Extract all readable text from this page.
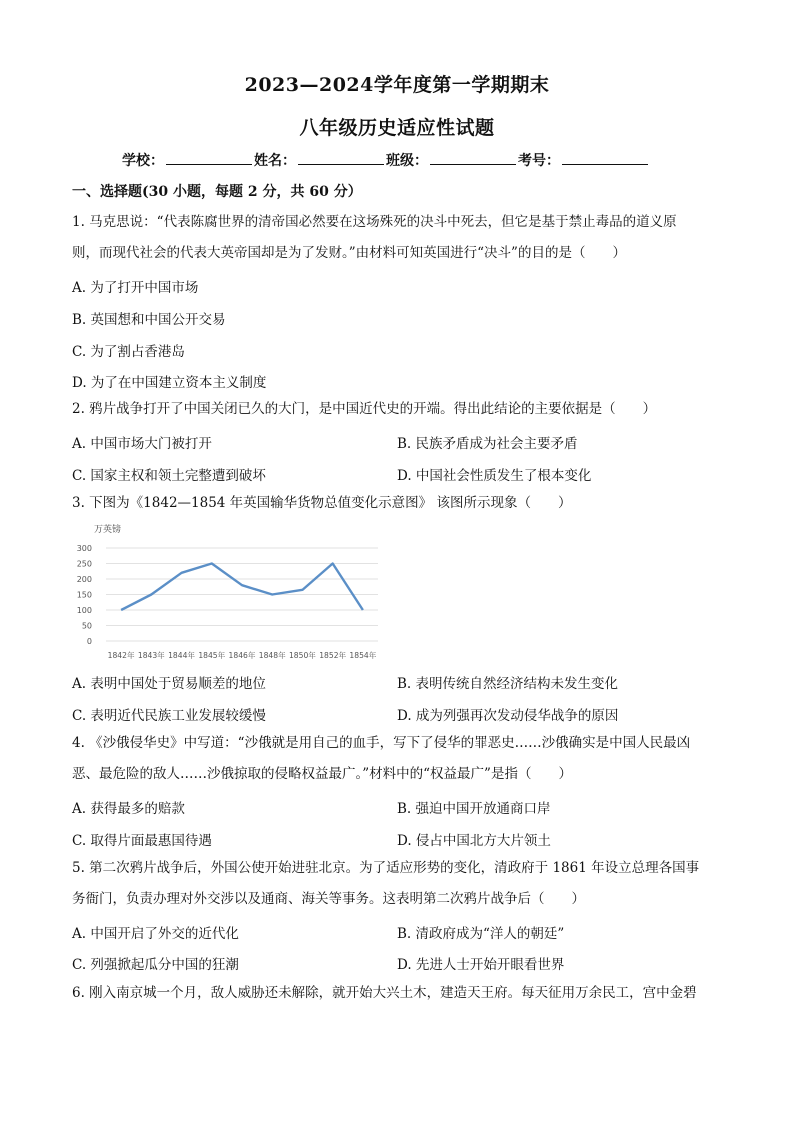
2023—2024学年度第一学期期末
八年级历史适应性试题
学校：	姓名：	班级：	考号：
一、选择题(30 小题，每题 2 分，共 60 分）

1. 马克思说：“代表陈腐世界的清帝国必然要在这场殊死的决斗中死去，但它是基于禁止毒品的道义原

则，而现代社会的代表大英帝国却是为了发财。”由材料可知英国进行“决斗”的目的是（　　）

A. 为了打开中国市场
B. 英国想和中国公开交易
C. 为了割占香港岛
D. 为了在中国建立资本主义制度

2. 鸦片战争打开了中国关闭已久的大门，是中国近代史的开端。得出此结论的主要依据是（　　）

A. 中国市场大门被打开	B. 民族矛盾成为社会主要矛盾
C. 国家主权和领土完整遭到破坏	D. 中国社会性质发生了根本变化

3. 下图为《1842—1854 年英国输华货物总值变化示意图》 该图所示现象（　　）

万英镑
0
50
100
150
200
250
300
1842年 1843年 1844年 1845年 1846年 1848年 1850年 1852年 1854年
A. 表明中国处于贸易顺差的地位	B. 表明传统自然经济结构未发生变化
C. 表明近代民族工业发展较缓慢	D. 成为列强再次发动侵华战争的原因

4. 《沙俄侵华史》中写道：“沙俄就是用自己的血手，写下了侵华的罪恶史……沙俄确实是中国人民最凶

恶、最危险的敌人……沙俄掠取的侵略权益最广。”材料中的“权益最广”是指（　　）

A. 获得最多的赔款	B. 强迫中国开放通商口岸
C. 取得片面最惠国待遇	D. 侵占中国北方大片领土

5. 第二次鸦片战争后，外国公使开始进驻北京。为了适应形势的变化，清政府于 1861 年设立总理各国事

务衙门，负责办理对外交涉以及通商、海关等事务。这表明第二次鸦片战争后（　　）

A. 中国开启了外交的近代化	B. 清政府成为“洋人的朝廷”
C. 列强掀起瓜分中国的狂潮	D. 先进人士开始开眼看世界

6. 刚入南京城一个月，敌人威胁还未解除，就开始大兴土木，建造天王府。每天征用万余民工，宫中金碧
